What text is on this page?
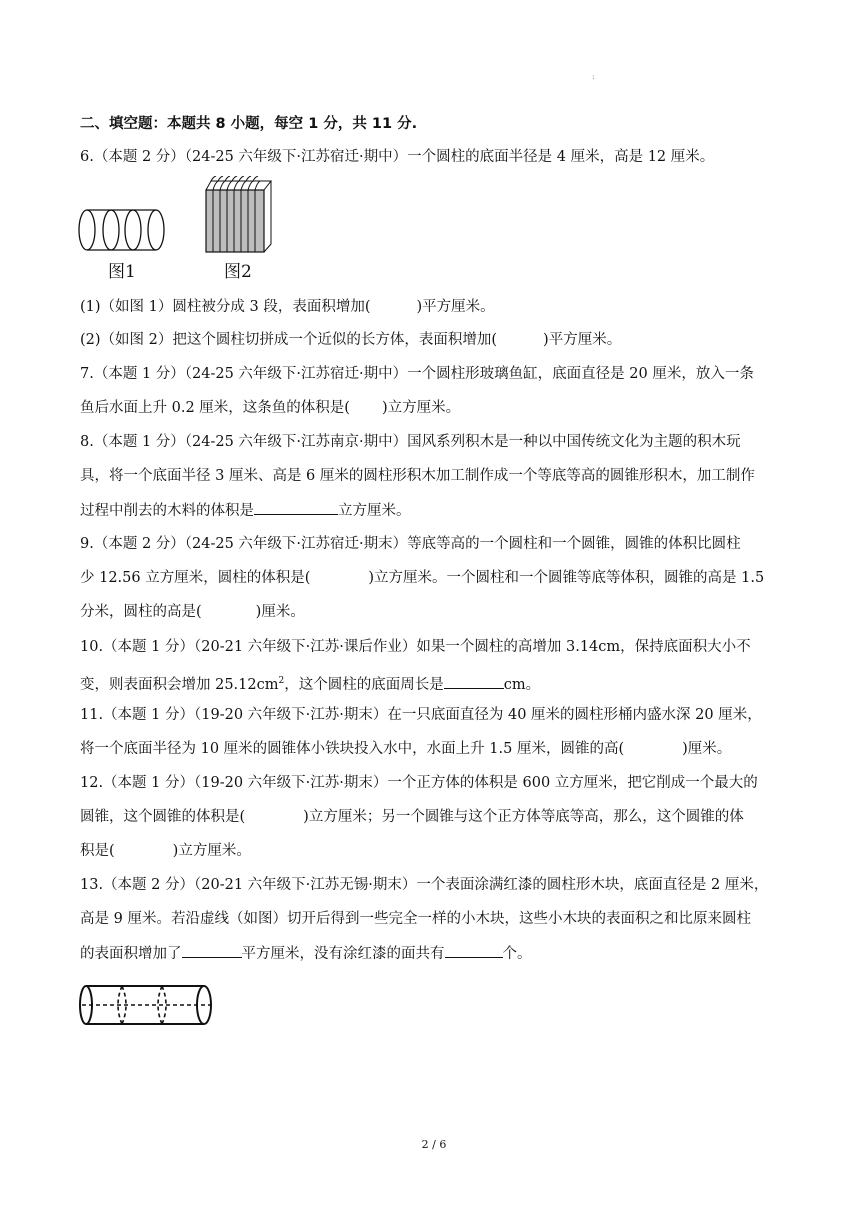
:
二、填空题：本题共 8 小题，每空 1 分，共 11 分.
6.（本题 2 分）（24-25 六年级下·江苏宿迁·期中）一个圆柱的底面半径是 4 厘米，高是 12 厘米。
图1	图2
(1)（如图 1）圆柱被分成 3 段，表面积增加(	)平方厘米。
(2)（如图 2）把这个圆柱切拼成一个近似的长方体，表面积增加(	)平方厘米。
7.（本题 1 分）（24-25 六年级下·江苏宿迁·期中）一个圆柱形玻璃鱼缸，底面直径是 20 厘米，放入一条
鱼后水面上升 0.2 厘米，这条鱼的体积是( )立方厘米。
8.（本题 1 分）（24-25 六年级下·江苏南京·期中）国风系列积木是一种以中国传统文化为主题的积木玩
具，将一个底面半径 3 厘米、高是 6 厘米的圆柱形积木加工制作成一个等底等高的圆锥形积木，加工制作
过程中削去的木料的体积是	立方厘米。
9.（本题 2 分）（24-25 六年级下·江苏宿迁·期末）等底等高的一个圆柱和一个圆锥，圆锥的体积比圆柱
少 12.56 立方厘米，圆柱的体积是(	)立方厘米。一个圆柱和一个圆锥等底等体积，圆锥的高是 1.5
分米，圆柱的高是(	)厘米。
10.（本题 1 分）（20-21 六年级下·江苏·课后作业）如果一个圆柱的高增加 3.14cm，保持底面积大小不
变，则表面积会增加 $25.12cm^2$，这个圆柱的底面周长是	cm。
11.（本题 1 分）（19-20 六年级下·江苏·期末）在一只底面直径为 40 厘米的圆柱形桶内盛水深 20 厘米，
将一个底面半径为 10 厘米的圆锥体小铁块投入水中，水面上升 1.5 厘米，圆锥的高(	)厘米。
12.（本题 1 分）（19-20 六年级下·江苏·期末）一个正方体的体积是 600 立方厘米，把它削成一个最大的
圆锥，这个圆锥的体积是(	)立方厘米；另一个圆锥与这个正方体等底等高，那么，这个圆锥的体
积是(	)立方厘米。
13.（本题 2 分）（20-21 六年级下·江苏无锡·期末）一个表面涂满红漆的圆柱形木块，底面直径是 2 厘米，
高是 9 厘米。若沿虚线（如图）切开后得到一些完全一样的小木块，这些小木块的表面积之和比原来圆柱
的表面积增加了	平方厘米，没有涂红漆的面共有	个。
2 / 6
